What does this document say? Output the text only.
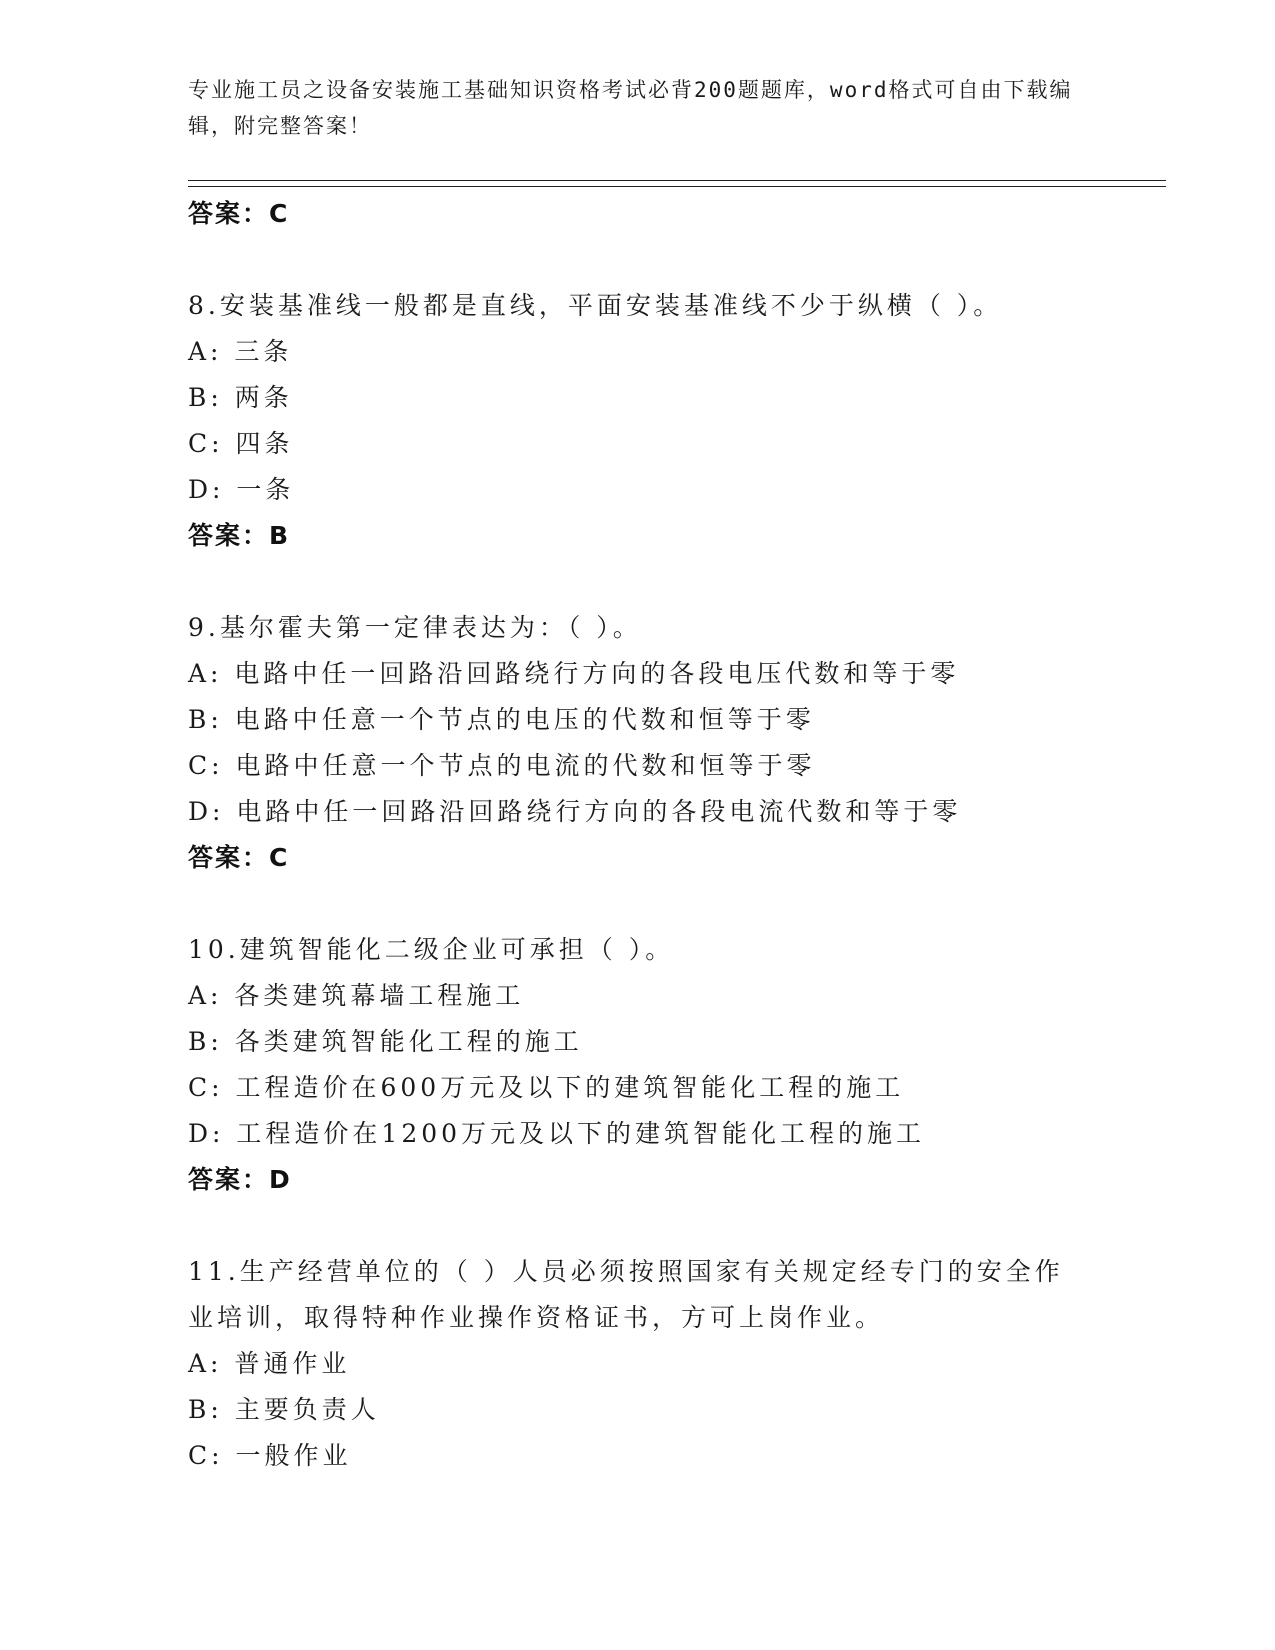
专业施工员之设备安装施工基础知识资格考试必背200题题库，word格式可自由下载编辑，附完整答案！
答案：C
8.安装基准线一般都是直线，平面安装基准线不少于纵横（ ）。
A: 三条
B: 两条
C: 四条
D: 一条
答案：B
9.基尔霍夫第一定律表达为：（ ）。
A: 电路中任一回路沿回路绕行方向的各段电压代数和等于零
B: 电路中任意一个节点的电压的代数和恒等于零
C: 电路中任意一个节点的电流的代数和恒等于零
D: 电路中任一回路沿回路绕行方向的各段电流代数和等于零
答案：C
10.建筑智能化二级企业可承担（ ）。
A: 各类建筑幕墙工程施工
B: 各类建筑智能化工程的施工
C: 工程造价在600万元及以下的建筑智能化工程的施工
D: 工程造价在1200万元及以下的建筑智能化工程的施工
答案：D
11.生产经营单位的（ ）人员必须按照国家有关规定经专门的安全作
业培训，取得特种作业操作资格证书，方可上岗作业。
A: 普通作业
B: 主要负责人
C: 一般作业
